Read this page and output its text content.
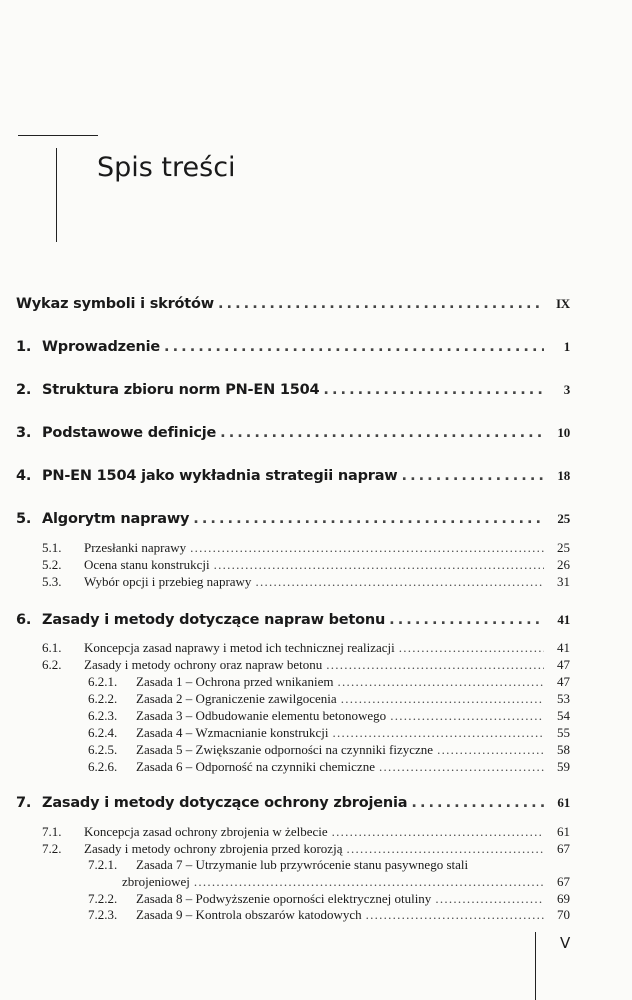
Spis treści
Wykaz symboli i skrótów . . .	IX
1. Wprowadzenie . . .	1
2. Struktura zbioru norm PN-EN 1504 . . .	3
3. Podstawowe definicje . . .	10
4. PN-EN 1504 jako wykładnia strategii napraw . . .	18
5. Algorytm naprawy . . .	25
5.1.	Przesłanki naprawy . . .	25
5.2.	Ocena stanu konstrukcji . . .	26
5.3.	Wybór opcji i przebieg naprawy . . .	31
6. Zasady i metody dotyczące napraw betonu . . .	41
6.1.	Koncepcja zasad naprawy i metod ich technicznej realizacji . . .	41
6.2.	Zasady i metody ochrony oraz napraw betonu . . .	47
6.2.1.	Zasada 1 – Ochrona przed wnikaniem . . .	47
6.2.2.	Zasada 2 – Ograniczenie zawilgocenia . . .	53
6.2.3.	Zasada 3 – Odbudowanie elementu betonowego . . .	54
6.2.4.	Zasada 4 – Wzmacnianie konstrukcji . . .	55
6.2.5.	Zasada 5 – Zwiększanie odporności na czynniki fizyczne . . .	58
6.2.6.	Zasada 6 – Odporność na czynniki chemiczne . . .	59
7. Zasady i metody dotyczące ochrony zbrojenia . . .	61
7.1.	Koncepcja zasad ochrony zbrojenia w żelbecie . . .	61
7.2.	Zasady i metody ochrony zbrojenia przed korozją . . .	67
7.2.1.	Zasada 7 – Utrzymanie lub przywrócenie stanu pasywnego stali
zbrojeniowej . . .	67
7.2.2.	Zasada 8 – Podwyższenie oporności elektrycznej otuliny . . .	69
7.2.3.	Zasada 9 – Kontrola obszarów katodowych . . .	70
V
